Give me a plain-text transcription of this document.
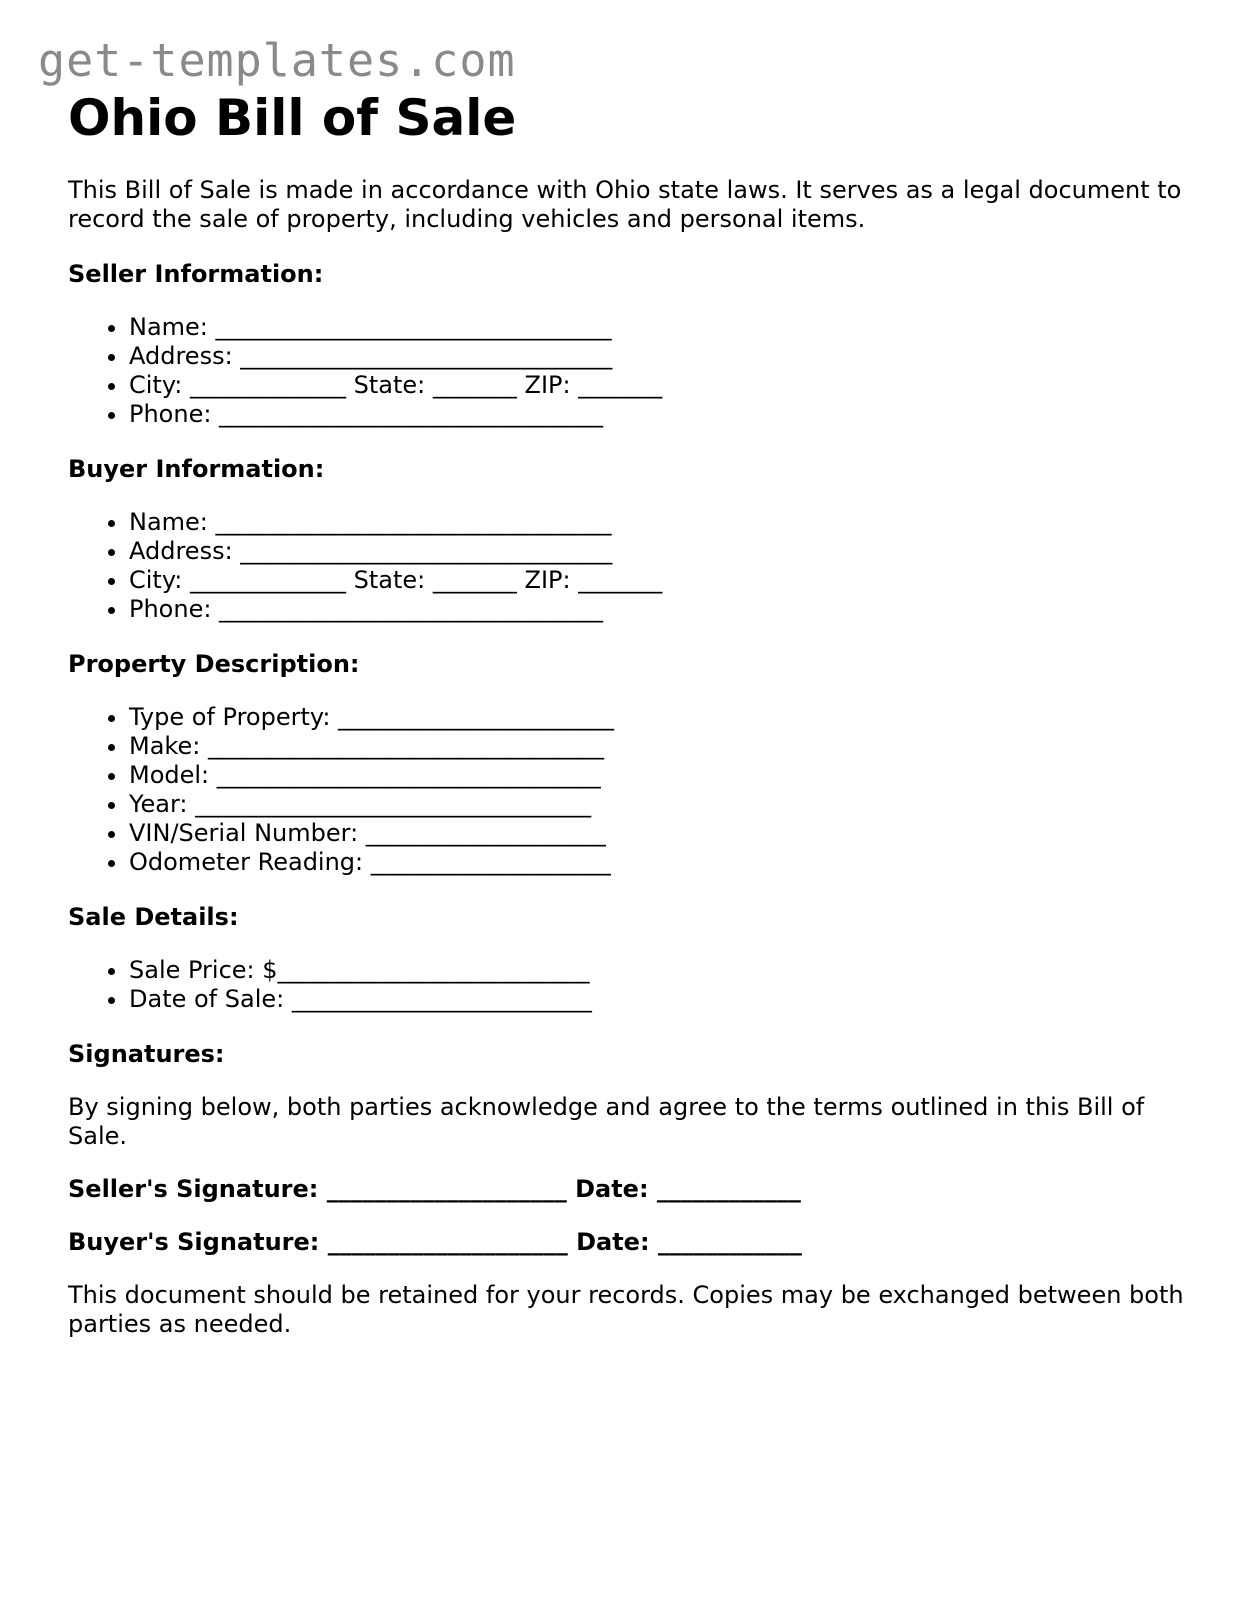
get-templates.com
Ohio Bill of Sale

This Bill of Sale is made in accordance with Ohio state laws. It serves as a legal document to record the sale of property, including vehicles and personal items.

Seller Information:
• Name: _________________________________
• Address: _______________________________
• City: _____________ State: _______ ZIP: _______
• Phone: ________________________________
Buyer Information:
• Name: _________________________________
• Address: _______________________________
• City: _____________ State: _______ ZIP: _______
• Phone: ________________________________
Property Description:
• Type of Property: _______________________
• Make: _________________________________
• Model: ________________________________
• Year: _________________________________
• VIN/Serial Number: ____________________
• Odometer Reading: ____________________
Sale Details:
• Sale Price: $__________________________
• Date of Sale: _________________________
Signatures:

By signing below, both parties acknowledge and agree to the terms outlined in this Bill of Sale.

Seller's Signature: ____________________ Date: ____________

Buyer's Signature: ____________________ Date: ____________

This document should be retained for your records. Copies may be exchanged between both parties as needed.
